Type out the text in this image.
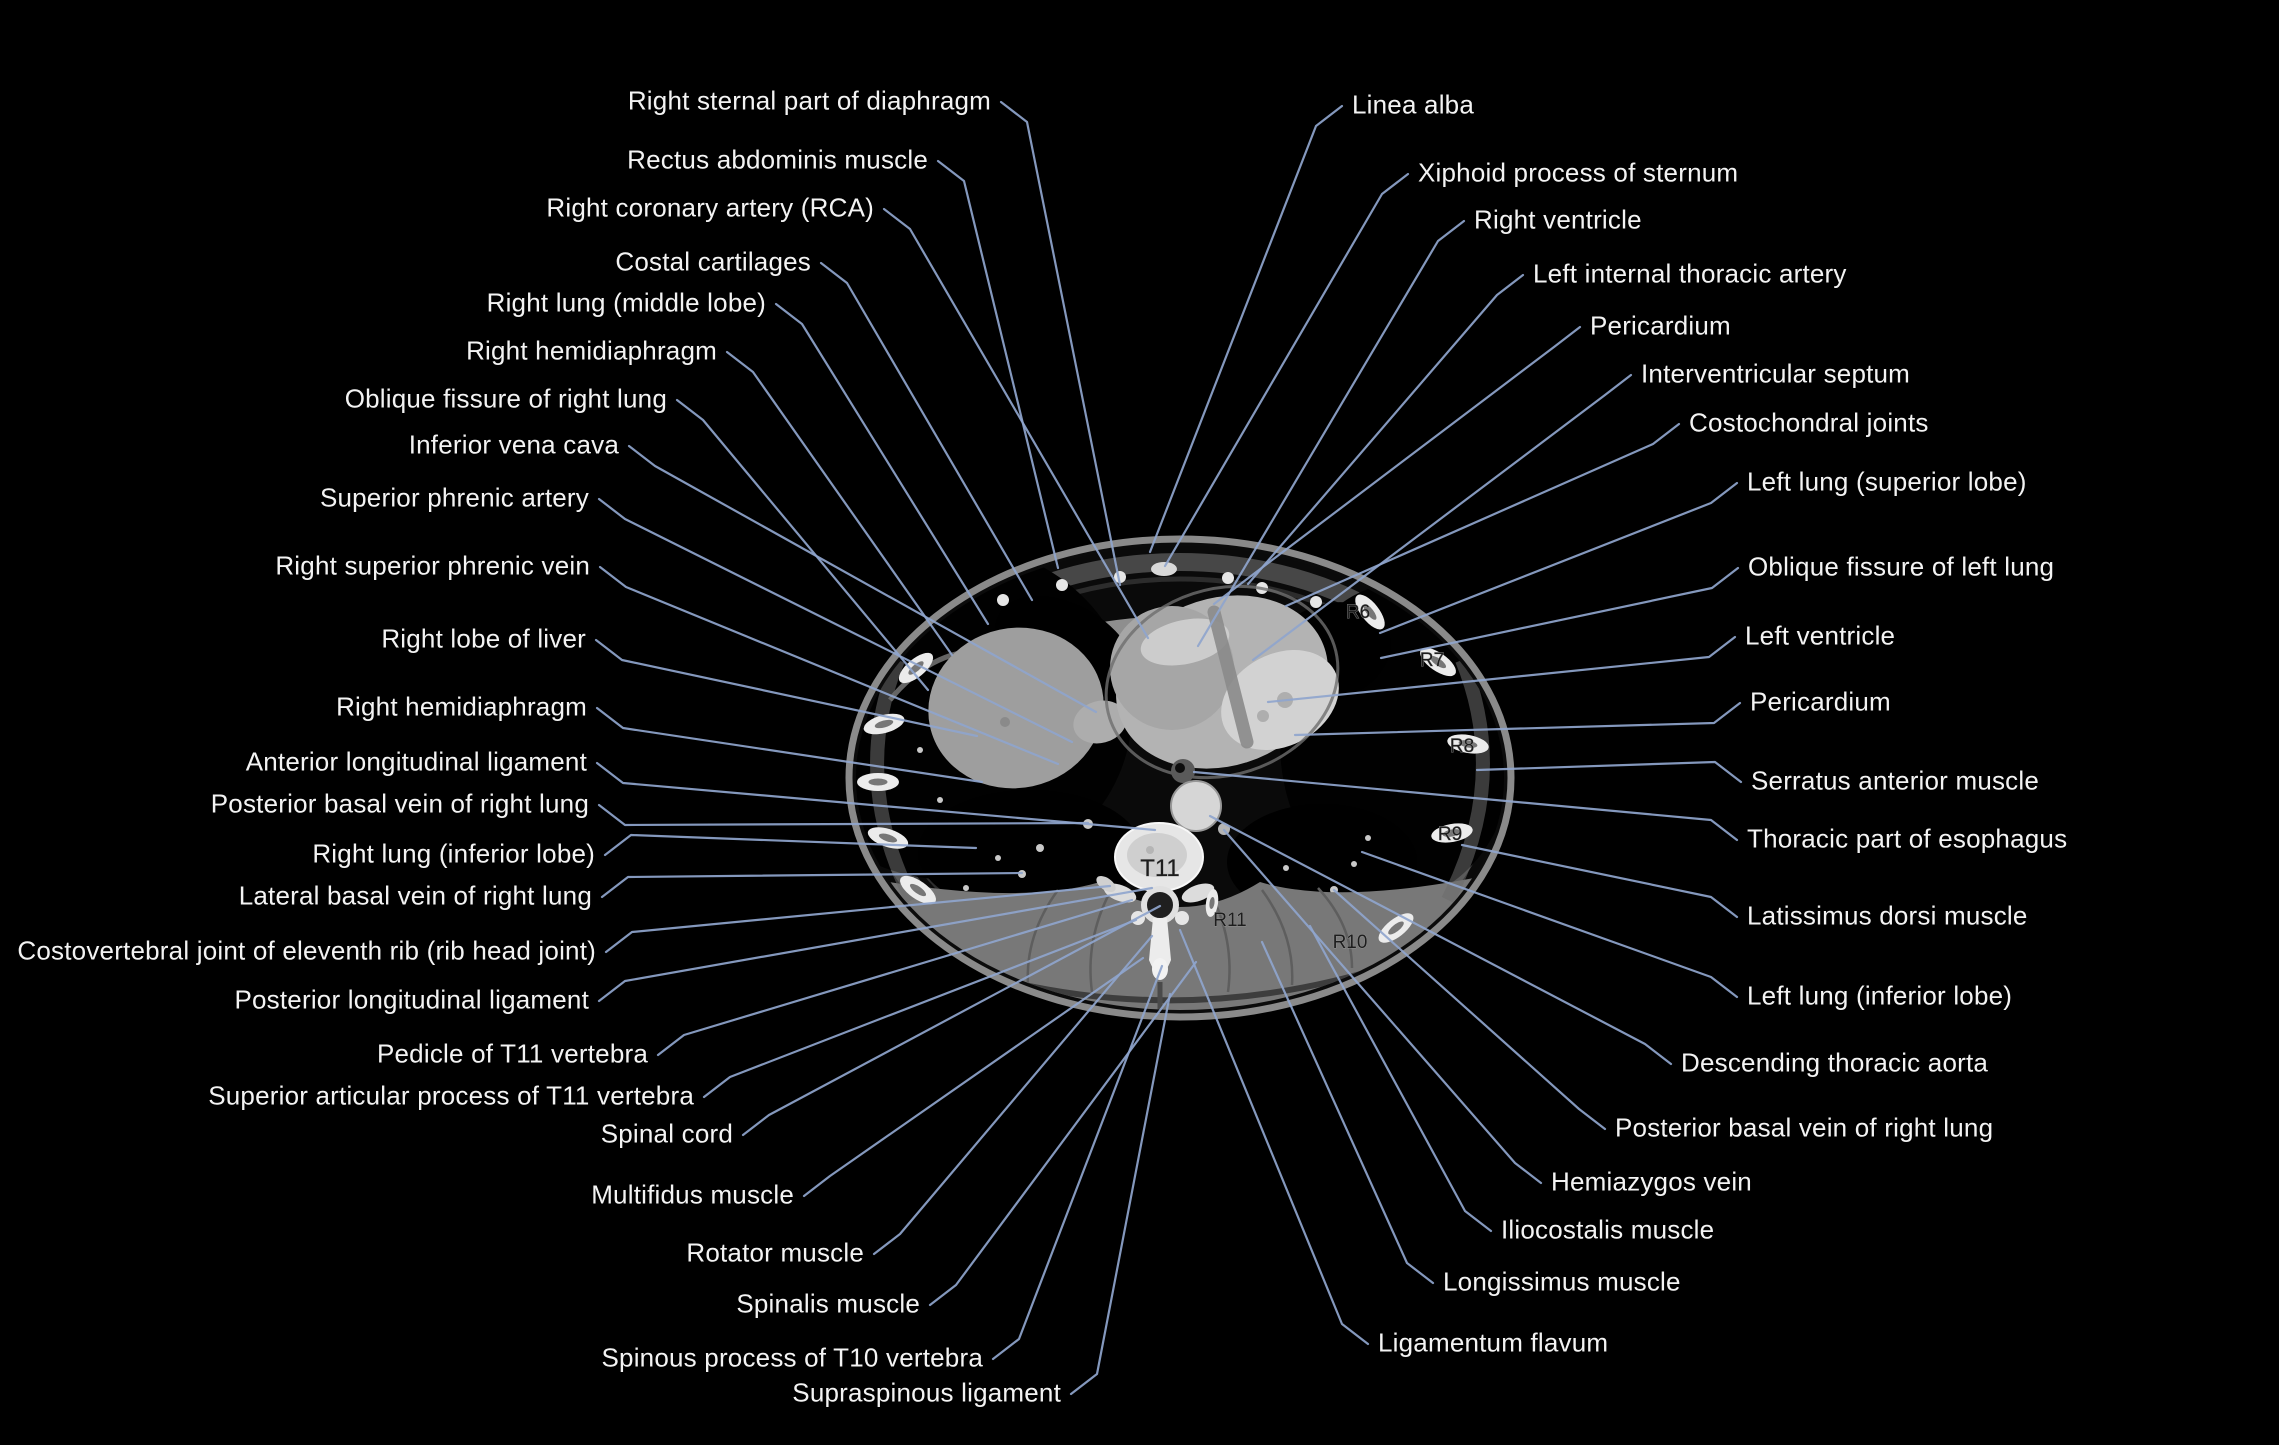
T11
R6
R7
R8
R9
R10
R11
Right sternal part of diaphragm
Rectus abdominis muscle
Right coronary artery (RCA)
Costal cartilages
Right lung (middle lobe)
Right hemidiaphragm
Oblique fissure of right lung
Inferior vena cava
Superior phrenic artery
Right superior phrenic vein
Right lobe of liver
Right hemidiaphragm
Anterior longitudinal ligament
Posterior basal vein of right lung
Right lung (inferior lobe)
Lateral basal vein of right lung
Costovertebral joint of eleventh rib (rib head joint)
Posterior longitudinal ligament
Pedicle of T11 vertebra
Superior articular process of T11 vertebra
Spinal cord
Multifidus muscle
Rotator muscle
Spinalis muscle
Spinous process of T10 vertebra
Supraspinous ligament
Linea alba
Xiphoid process of sternum
Right ventricle
Left internal thoracic artery
Pericardium
Interventricular septum
Costochondral joints
Left lung (superior lobe)
Oblique fissure of left lung
Left ventricle
Pericardium
Serratus anterior muscle
Thoracic part of esophagus
Latissimus dorsi muscle
Left lung (inferior lobe)
Descending thoracic aorta
Posterior basal vein of right lung
Hemiazygos vein
Iliocostalis muscle
Longissimus muscle
Ligamentum flavum
